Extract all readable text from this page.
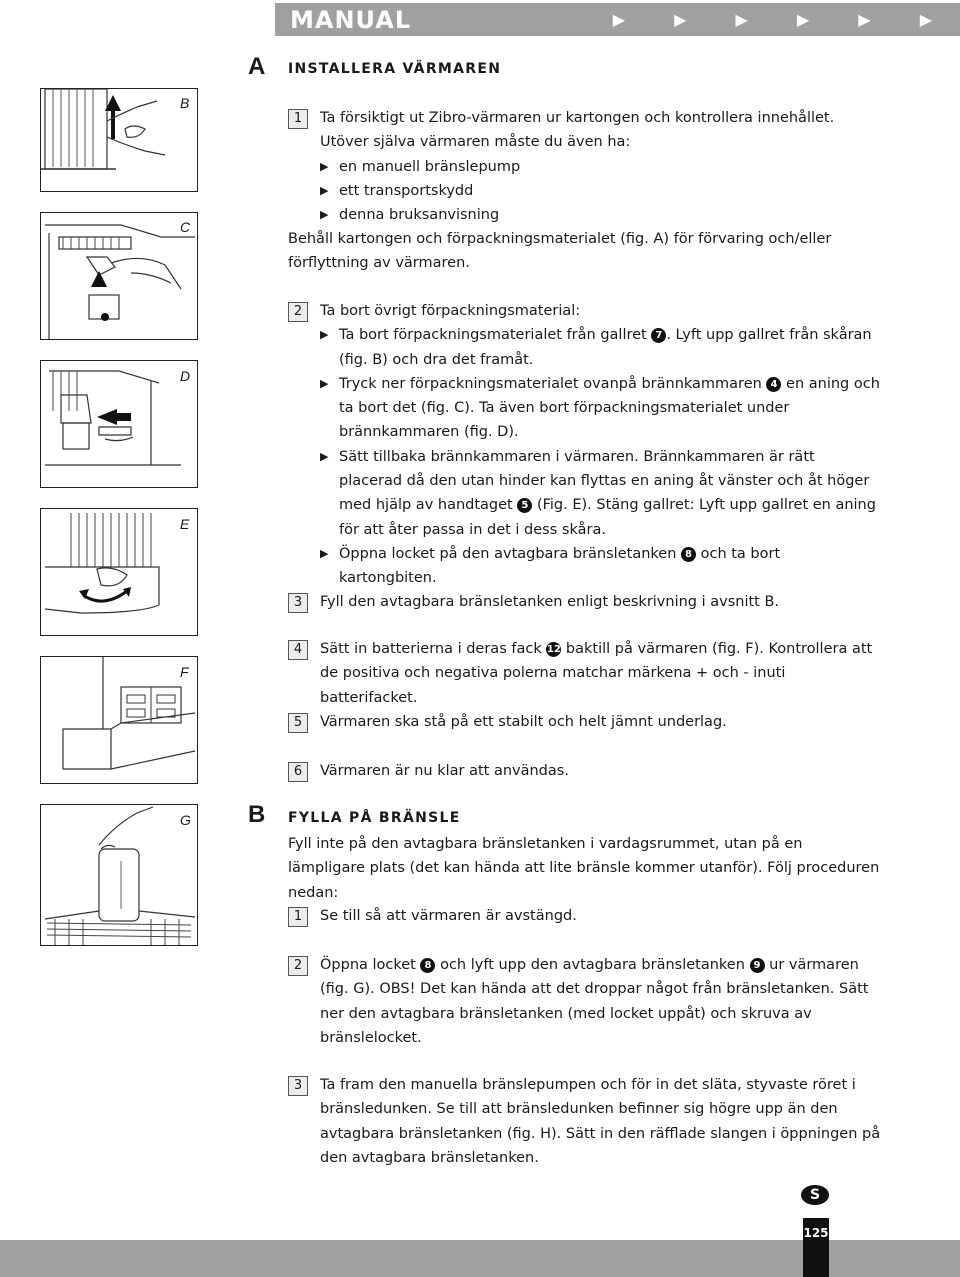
MANUAL	▶ ▶ ▶ ▶ ▶ ▶
A INSTALLERA VÄRMAREN
B
C
D
E
F
G
1	Ta försiktigt ut Zibro-värmaren ur kartongen och kontrollera innehållet.

Utöver själva värmaren måste du även ha:

▶ en manuell bränslepump

▶ ett transportskydd

▶ denna bruksanvisning

Behåll kartongen och förpackningsmaterialet (fig. A) för förvaring och/eller förflyttning av värmaren.

2	Ta bort övrigt förpackningsmaterial:

▶ Ta bort förpackningsmaterialet från gallret 7 . Lyft upp gallret från skåran (fig. B) och dra det framåt.

▶ Tryck ner förpackningsmaterialet ovanpå brännkammaren 4 en aning och ta bort det (fig. C). Ta även bort förpackningsmaterialet under brännkammaren (fig. D).

▶ Sätt tillbaka brännkammaren i värmaren. Brännkammaren är rätt placerad då den utan hinder kan flyttas en aning åt vänster och åt höger med hjälp av handtaget 5 (Fig. E). Stäng gallret: Lyft upp gallret en aning för att åter passa in det i dess skåra.

▶ Öppna locket på den avtagbara bränsletanken 8 och ta bort kartongbiten.

3	Fyll den avtagbara bränsletanken enligt beskrivning i avsnitt B.

4	Sätt in batterierna i deras fack 12 baktill på värmaren (fig. F). Kontrollera att de positiva och negativa polerna matchar märkena + och - inuti batterifacket.

5	Värmaren ska stå på ett stabilt och helt jämnt underlag.

6	Värmaren är nu klar att användas.

B FYLLA PÅ BRÄNSLE

Fyll inte på den avtagbara bränsletanken i vardagsrummet, utan på en lämpligare plats (det kan hända att lite bränsle kommer utanför). Följ proceduren nedan:

1	Se till så att värmaren är avstängd.

2	Öppna locket 8 och lyft upp den avtagbara bränsletanken 9 ur värmaren (fig. G). OBS! Det kan hända att det droppar något från bränsletanken. Sätt ner den avtagbara bränsletanken (med locket uppåt) och skruva av bränslelocket.

3	Ta fram den manuella bränslepumpen och för in det släta, styvaste röret i bränsledunken. Se till att bränsledunken befinner sig högre upp än den avtagbara bränsletanken (fig. H). Sätt in den räfflade slangen i öppningen på den avtagbara bränsletanken.

S
125
